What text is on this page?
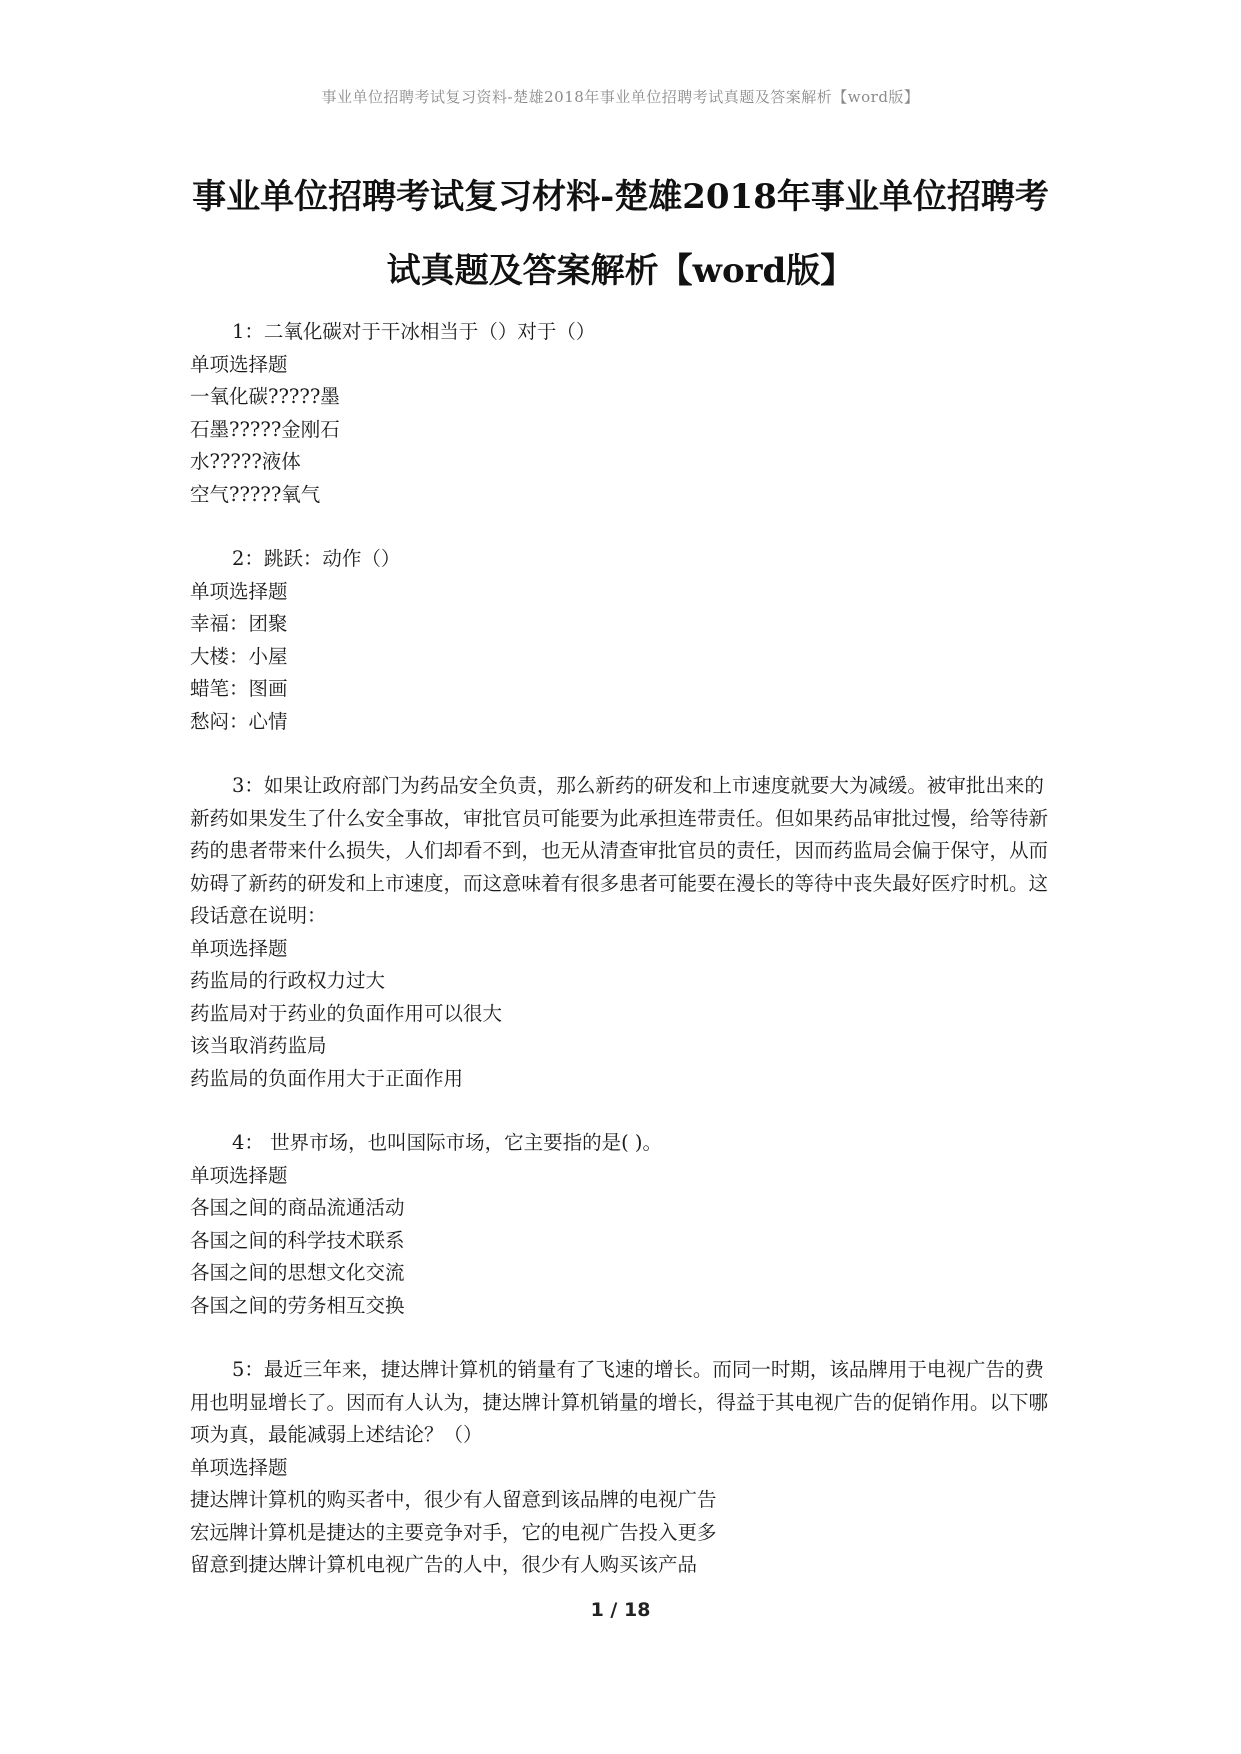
事业单位招聘考试复习资料-楚雄2018年事业单位招聘考试真题及答案解析【word版】
事业单位招聘考试复习材料-楚雄2018年事业单位招聘考
试真题及答案解析【word版】

1：二氧化碳对于干冰相当于（）对于（）

单项选择题

一氧化碳?????墨

石墨?????金刚石

水?????液体

空气?????氧气

2：跳跃：动作（）

单项选择题

幸福：团聚

大楼：小屋

蜡笔：图画

愁闷：心情

3：如果让政府部门为药品安全负责，那么新药的研发和上市速度就要大为减缓。被审批出来的新药如果发生了什么安全事故，审批官员可能要为此承担连带责任。但如果药品审批过慢，给等待新药的患者带来什么损失，人们却看不到，也无从清查审批官员的责任，因而药监局会偏于保守，从而妨碍了新药的研发和上市速度，而这意味着有很多患者可能要在漫长的等待中丧失最好医疗时机。这段话意在说明：

单项选择题

药监局的行政权力过大

药监局对于药业的负面作用可以很大

该当取消药监局

药监局的负面作用大于正面作用

4： 世界市场，也叫国际市场，它主要指的是( )。

单项选择题

各国之间的商品流通活动

各国之间的科学技术联系

各国之间的思想文化交流

各国之间的劳务相互交换

5：最近三年来，捷达牌计算机的销量有了飞速的增长。而同一时期，该品牌用于电视广告的费用也明显增长了。因而有人认为，捷达牌计算机销量的增长，得益于其电视广告的促销作用。以下哪项为真，最能减弱上述结论？（）

单项选择题

捷达牌计算机的购买者中，很少有人留意到该品牌的电视广告

宏远牌计算机是捷达的主要竞争对手，它的电视广告投入更多

留意到捷达牌计算机电视广告的人中，很少有人购买该产品

1 / 18
